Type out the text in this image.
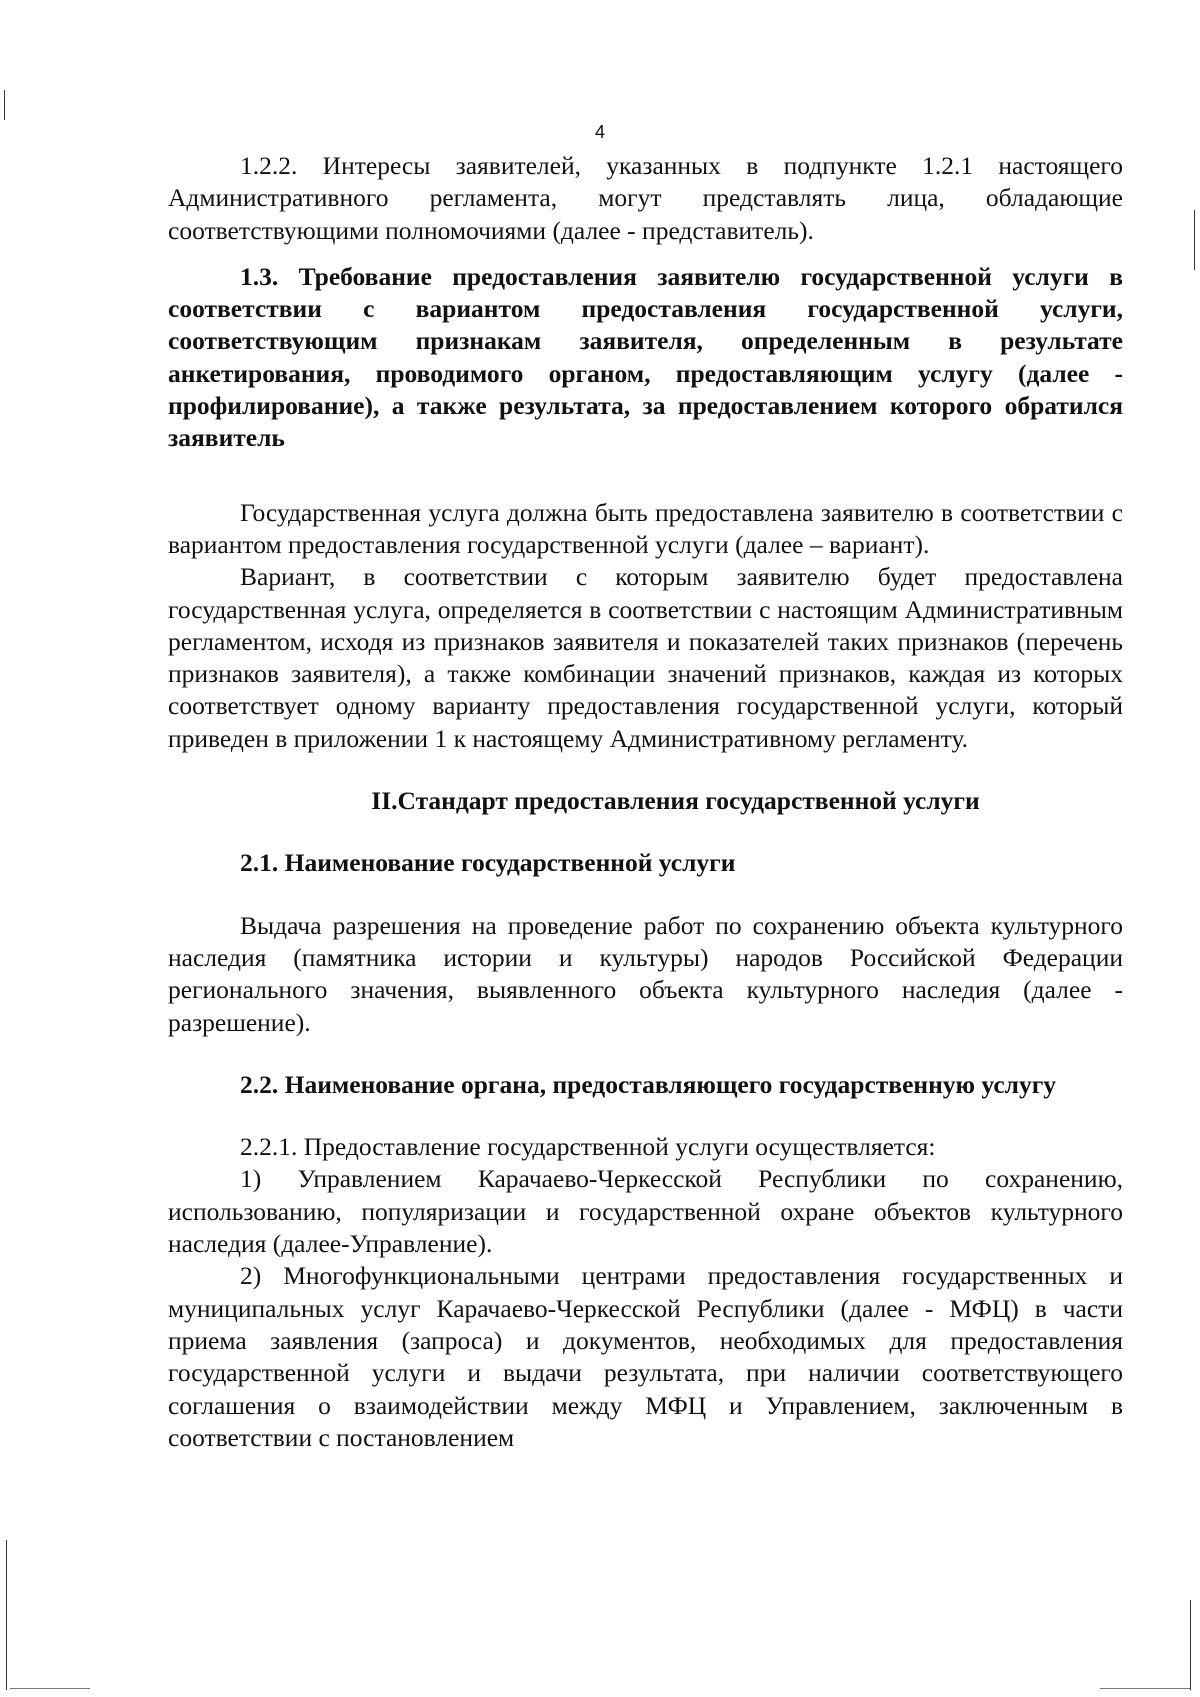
4

1.2.2. Интересы заявителей, указанных в подпункте 1.2.1 настоящего Административного регламента, могут представлять лица, обладающие соответствующими полномочиями (далее - представитель).

1.3. Требование предоставления заявителю государственной услуги в соответствии с вариантом предоставления государственной услуги, соответствующим признакам заявителя, определенным в результате анкетирования, проводимого органом, предоставляющим услугу (далее - профилирование), а также результата, за предоставлением которого обратился заявитель

Государственная услуга должна быть предоставлена заявителю в соответствии с вариантом предоставления государственной услуги (далее – вариант).

Вариант, в соответствии с которым заявителю будет предоставлена государственная услуга, определяется в соответствии с настоящим Административным регламентом, исходя из признаков заявителя и показателей таких признаков (перечень признаков заявителя), а также комбинации значений признаков, каждая из которых соответствует одному варианту предоставления государственной услуги, который приведен в приложении 1 к настоящему Административному регламенту.

II.Стандарт предоставления государственной услуги

2.1. Наименование государственной услуги

Выдача разрешения на проведение работ по сохранению объекта культурного наследия (памятника истории и культуры) народов Российской Федерации регионального значения, выявленного объекта культурного наследия (далее - разрешение).

2.2. Наименование органа, предоставляющего государственную услугу

2.2.1. Предоставление государственной услуги осуществляется:

1) Управлением Карачаево-Черкесской Республики по сохранению, использованию, популяризации и государственной охране объектов культурного наследия (далее-Управление).

2) Многофункциональными центрами предоставления государственных и муниципальных услуг Карачаево-Черкесской Республики (далее - МФЦ) в части приема заявления (запроса) и документов, необходимых для предоставления государственной услуги и выдачи результата, при наличии соответствующего соглашения о взаимодействии между МФЦ и Управлением, заключенным в соответствии с постановлением
